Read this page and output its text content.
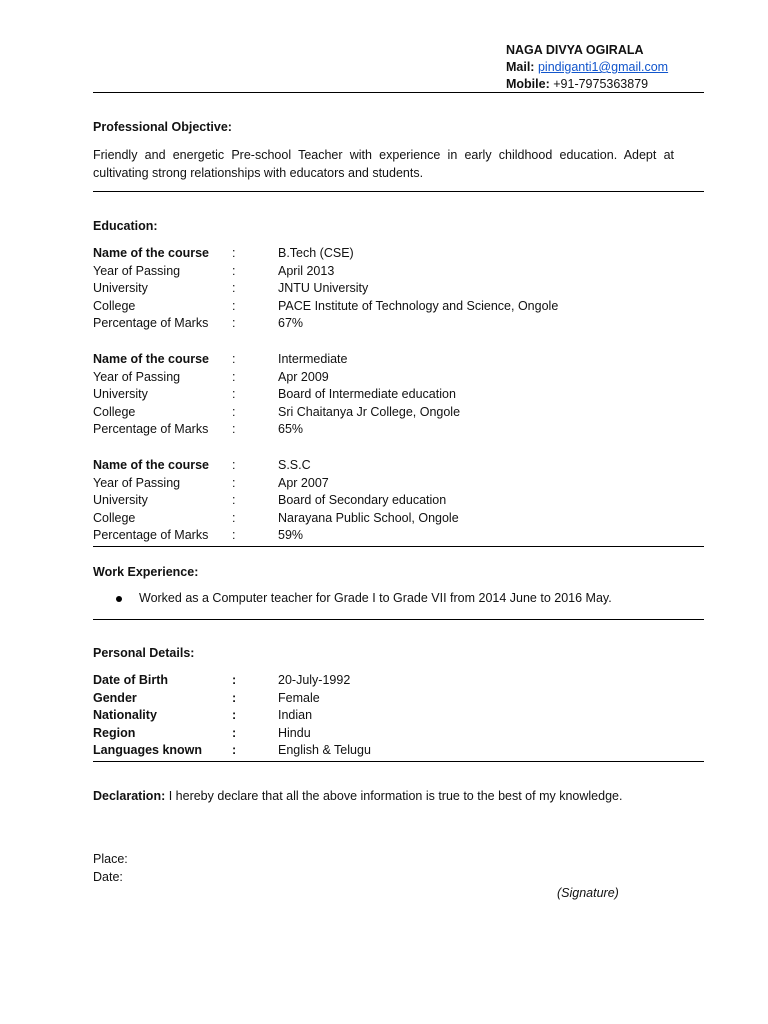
NAGA DIVYA OGIRALA
Mail: pindiganti1@gmail.com
Mobile: +91-7975363879
Professional Objective:
Friendly and energetic Pre-school Teacher with experience in early childhood education. Adept at cultivating strong relationships with educators and students.
Education:
Name of the course :	B.Tech (CSE)
Year of Passing	:	April 2013
University	:	JNTU University
College	:	PACE Institute of Technology and Science, Ongole
Percentage of Marks :	67%
Name of the course :	Intermediate
Year of Passing	:	Apr 2009
University	:	Board of Intermediate education
College	:	Sri Chaitanya Jr College, Ongole
Percentage of Marks :	65%
Name of the course :	S.S.C
Year of Passing	:	Apr 2007
University	:	Board of Secondary education
College	:	Narayana Public School, Ongole
Percentage of Marks :	59%
Work Experience:
Worked as a Computer teacher for Grade I to Grade VII from 2014 June to 2016 May.
Personal Details:
Date of Birth	:	20-July-1992
Gender	:	Female
Nationality	:	Indian
Region	:	Hindu
Languages known :	English & Telugu
Declaration: I hereby declare that all the above information is true to the best of my knowledge.
Place:
Date:
(Signature)
